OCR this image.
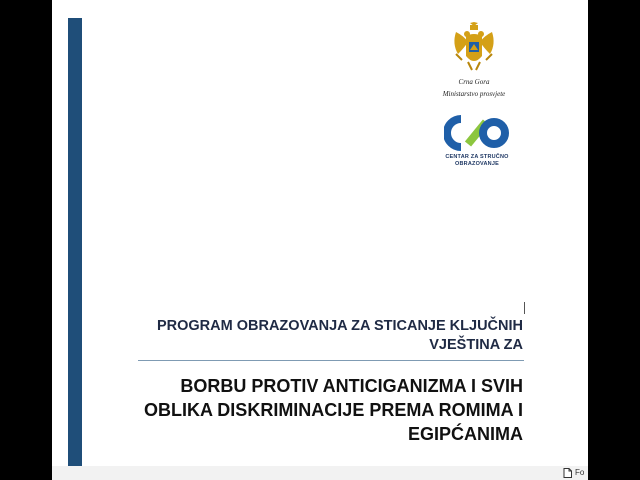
Crna Gora
Ministarstvo prosvjete
CENTAR ZA STRUČNO
OBRAZOVANJE
PROGRAM OBRAZOVANJA ZA STICANJE KLJUČNIH
VJEŠTINA ZA
BORBU PROTIV ANTICIGANIZMA I SVIH
OBLIKA DISKRIMINACIJE PREMA ROMIMA I
EGIPĆANIMA
Fo
